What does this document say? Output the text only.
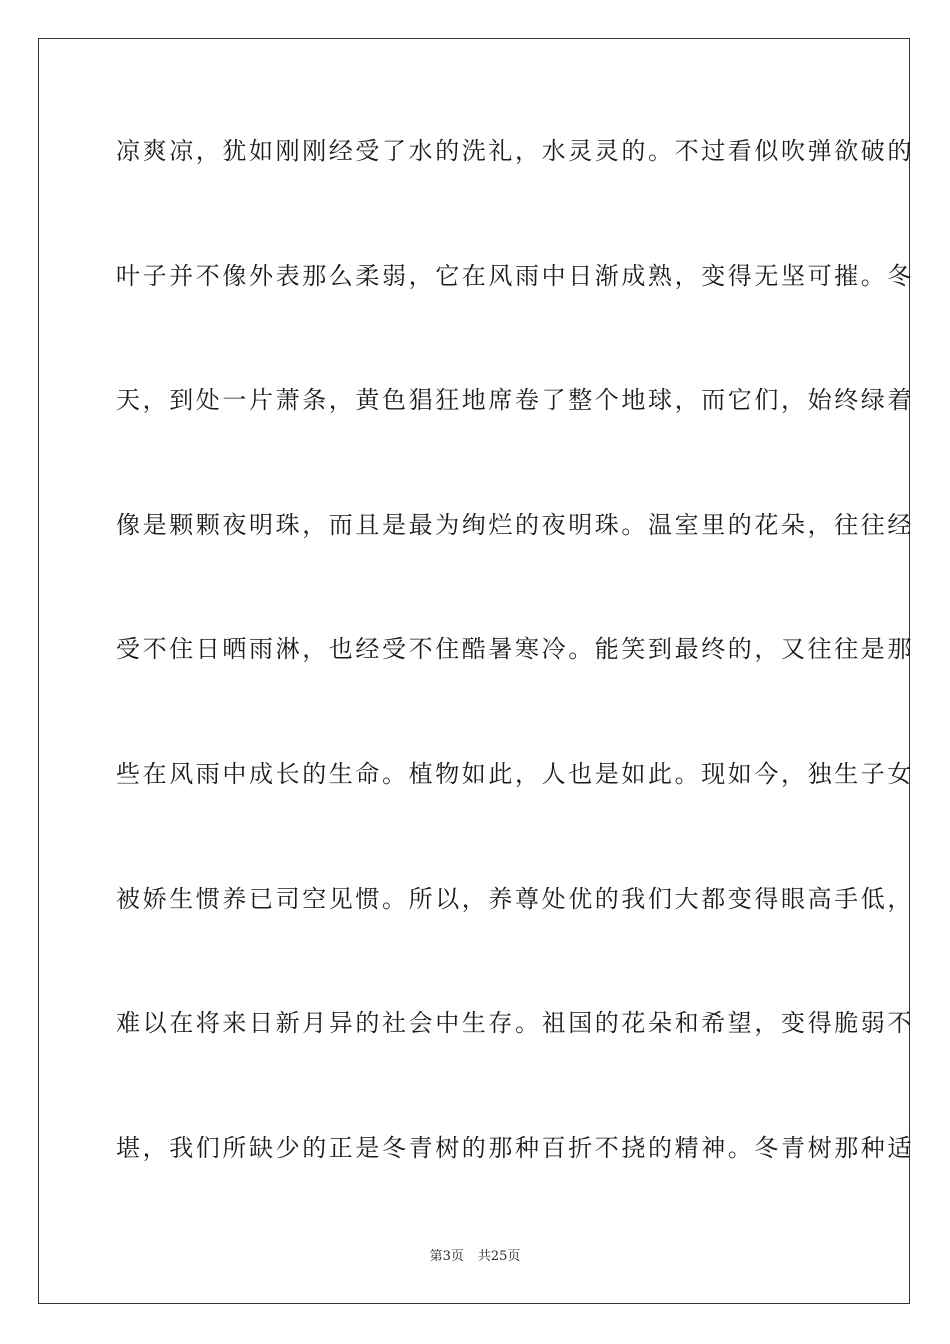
凉爽凉，犹如刚刚经受了水的洗礼，水灵灵的。不过看似吹弹欲破的
叶子并不像外表那么柔弱，它在风雨中日渐成熟，变得无坚可摧。冬
天，到处一片萧条，黄色猖狂地席卷了整个地球，而它们，始终绿着
像是颗颗夜明珠，而且是最为绚烂的夜明珠。温室里的花朵，往往经
受不住日晒雨淋，也经受不住酷暑寒冷。能笑到最终的，又往往是那
些在风雨中成长的生命。植物如此，人也是如此。现如今，独生子女
被娇生惯养已司空见惯。所以，养尊处优的我们大都变得眼高手低，
难以在将来日新月异的社会中生存。祖国的花朵和希望，变得脆弱不
堪，我们所缺少的正是冬青树的那种百折不挠的精神。冬青树那种适
第3页 共25页
